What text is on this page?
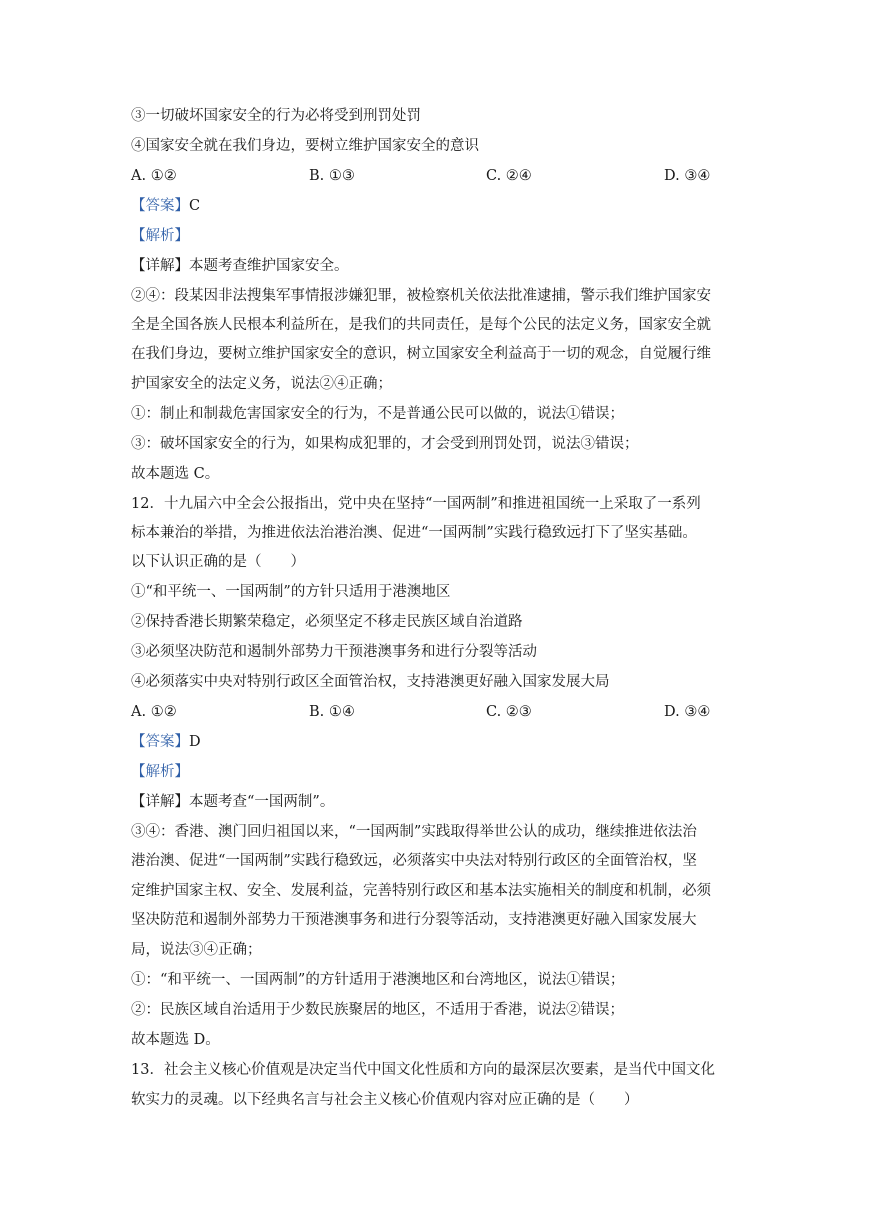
③一切破坏国家安全的行为必将受到刑罚处罚
④国家安全就在我们身边，要树立维护国家安全的意识
A. ①②	B. ①③	C. ②④	D. ③④
【答案】C
【解析】
【详解】本题考查维护国家安全。
②④：段某因非法搜集军事情报涉嫌犯罪，被检察机关依法批准逮捕，警示我们维护国家安
全是全国各族人民根本利益所在，是我们的共同责任，是每个公民的法定义务，国家安全就
在我们身边，要树立维护国家安全的意识，树立国家安全利益高于一切的观念，自觉履行维
护国家安全的法定义务，说法②④正确；
①：制止和制裁危害国家安全的行为，不是普通公民可以做的，说法①错误；
③：破坏国家安全的行为，如果构成犯罪的，才会受到刑罚处罚，说法③错误；
故本题选 C。
12．十九届六中全会公报指出，党中央在坚持“一国两制”和推进祖国统一上采取了一系列
标本兼治的举措，为推进依法治港治澳、促进“一国两制”实践行稳致远打下了坚实基础。
以下认识正确的是（　　）
①“和平统一、一国两制”的方针只适用于港澳地区
②保持香港长期繁荣稳定，必须坚定不移走民族区域自治道路
③必须坚决防范和遏制外部势力干预港澳事务和进行分裂等活动
④必须落实中央对特别行政区全面管治权，支持港澳更好融入国家发展大局
A. ①②	B. ①④	C. ②③	D. ③④
【答案】D
【解析】
【详解】本题考查“一国两制”。
③④：香港、澳门回归祖国以来，“一国两制”实践取得举世公认的成功，继续推进依法治
港治澳、促进“一国两制”实践行稳致远，必须落实中央法对特别行政区的全面管治权，坚
定维护国家主权、安全、发展利益，完善特别行政区和基本法实施相关的制度和机制，必须
坚决防范和遏制外部势力干预港澳事务和进行分裂等活动，支持港澳更好融入国家发展大
局，说法③④正确；
①：“和平统一、一国两制”的方针适用于港澳地区和台湾地区，说法①错误；
②：民族区域自治适用于少数民族聚居的地区，不适用于香港，说法②错误；
故本题选 D。
13．社会主义核心价值观是决定当代中国文化性质和方向的最深层次要素，是当代中国文化
软实力的灵魂。以下经典名言与社会主义核心价值观内容对应正确的是（　　）
